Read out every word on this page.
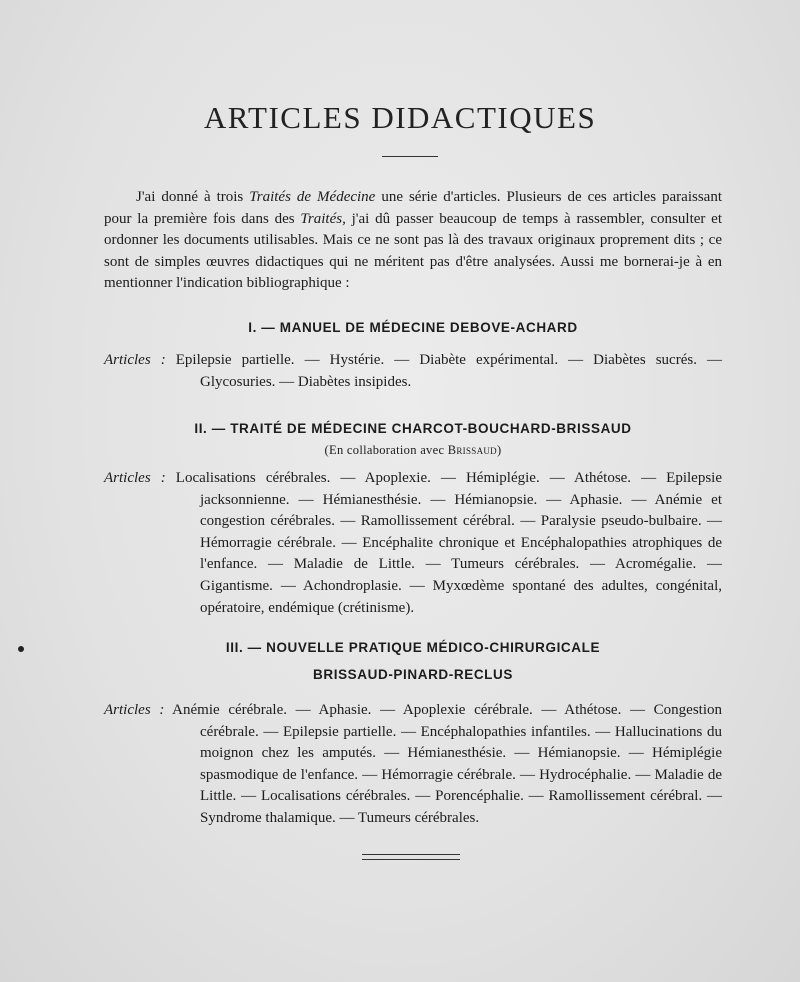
ARTICLES DIDACTIQUES

J'ai donné à trois Traités de Médecine une série d'articles. Plusieurs de ces articles paraissant pour la première fois dans des Traités, j'ai dû passer beaucoup de temps à rassembler, consulter et ordonner les documents utilisables. Mais ce ne sont pas là des travaux originaux proprement dits ; ce sont de simples œuvres didactiques qui ne méritent pas d'être analysées. Aussi me bornerai-je à en mentionner l'indication bibliographique :

I. — MANUEL DE MÉDECINE DEBOVE-ACHARD

Articles : Epilepsie partielle. — Hystérie. — Diabète expérimental. — Diabètes sucrés. — Glycosuries. — Diabètes insipides.

II. — TRAITÉ DE MÉDECINE CHARCOT-BOUCHARD-BRISSAUD

(En collaboration avec Brissaud)

Articles : Localisations cérébrales. — Apoplexie. — Hémiplégie. — Athétose. — Epilepsie jacksonnienne. — Hémianesthésie. — Hémianopsie. — Aphasie. — Anémie et congestion cérébrales. — Ramollissement cérébral. — Paralysie pseudo-bulbaire. — Hémorragie cérébrale. — Encéphalite chronique et Encéphalopathies atrophiques de l'enfance. — Maladie de Little. — Tumeurs cérébrales. — Acromégalie. — Gigantisme. — Achondroplasie. — Myxœdème spontané des adultes, congénital, opératoire, endémique (crétinisme).

III. — NOUVELLE PRATIQUE MÉDICO-CHIRURGICALE
BRISSAUD-PINARD-RECLUS

Articles : Anémie cérébrale. — Aphasie. — Apoplexie cérébrale. — Athétose. — Congestion cérébrale. — Epilepsie partielle. — Encéphalopathies infantiles. — Hallucinations du moignon chez les amputés. — Hémianesthésie. — Hémianopsie. — Hémiplégie spasmodique de l'enfance. — Hémorragie cérébrale. — Hydrocéphalie. — Maladie de Little. — Localisations cérébrales. — Porencéphalie. — Ramollissement cérébral. — Syndrome thalamique. — Tumeurs cérébrales.
